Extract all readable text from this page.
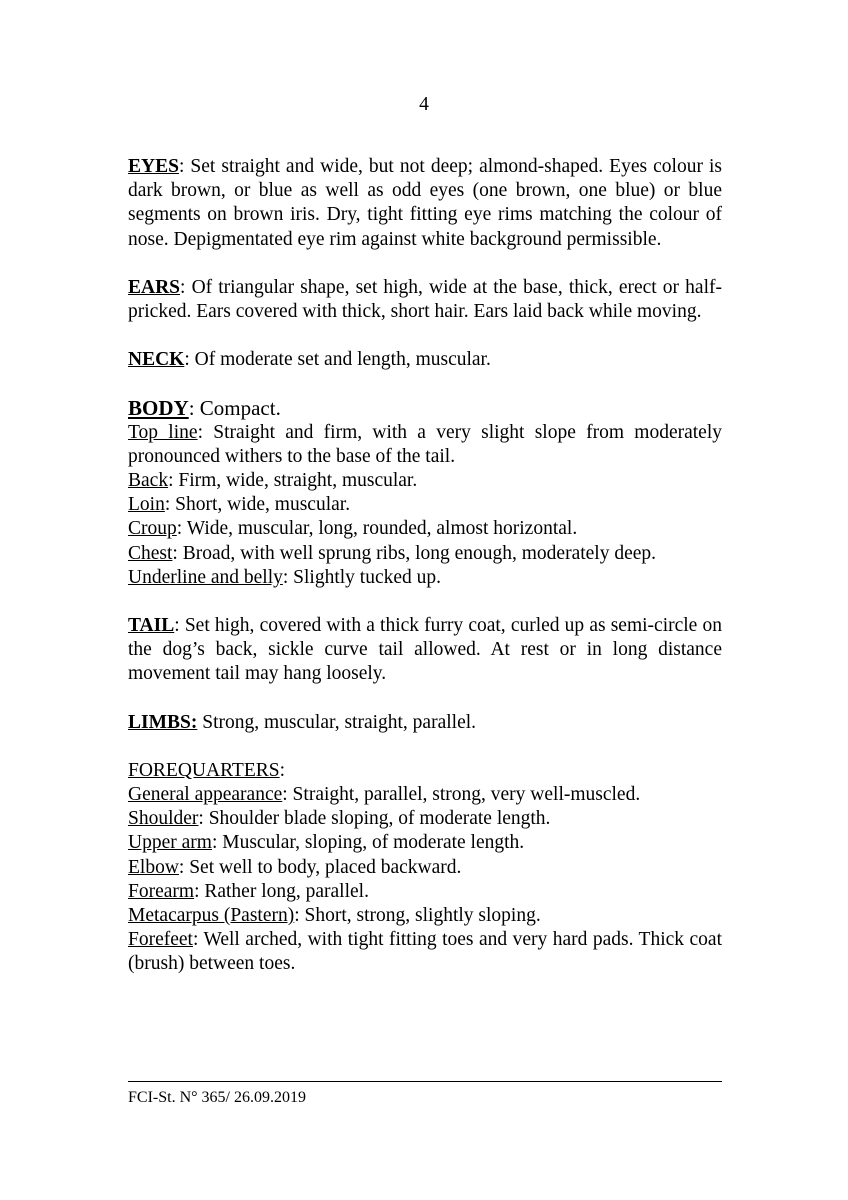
4

EYES: Set straight and wide, but not deep; almond-shaped. Eyes colour is dark brown, or blue as well as odd eyes (one brown, one blue) or blue segments on brown iris. Dry, tight fitting eye rims matching the colour of nose. Depigmentated eye rim against white background permissible.

EARS: Of triangular shape, set high, wide at the base, thick, erect or half-pricked. Ears covered with thick, short hair. Ears laid back while moving.

NECK: Of moderate set and length, muscular.

BODY: Compact.
Top line: Straight and firm, with a very slight slope from moderately pronounced withers to the base of the tail.
Back: Firm, wide, straight, muscular.
Loin: Short, wide, muscular.
Croup: Wide, muscular, long, rounded, almost horizontal.
Chest: Broad, with well sprung ribs, long enough, moderately deep.
Underline and belly: Slightly tucked up.

TAIL: Set high, covered with a thick furry coat, curled up as semi-circle on the dog’s back, sickle curve tail allowed. At rest or in long distance movement tail may hang loosely.

LIMBS: Strong, muscular, straight, parallel.

FOREQUARTERS:
General appearance: Straight, parallel, strong, very well-muscled.
Shoulder: Shoulder blade sloping, of moderate length.
Upper arm: Muscular, sloping, of moderate length.
Elbow: Set well to body, placed backward.
Forearm: Rather long, parallel.
Metacarpus (Pastern): Short, strong, slightly sloping.
Forefeet: Well arched, with tight fitting toes and very hard pads. Thick coat (brush) between toes.
FCI-St. N° 365/ 26.09.2019
